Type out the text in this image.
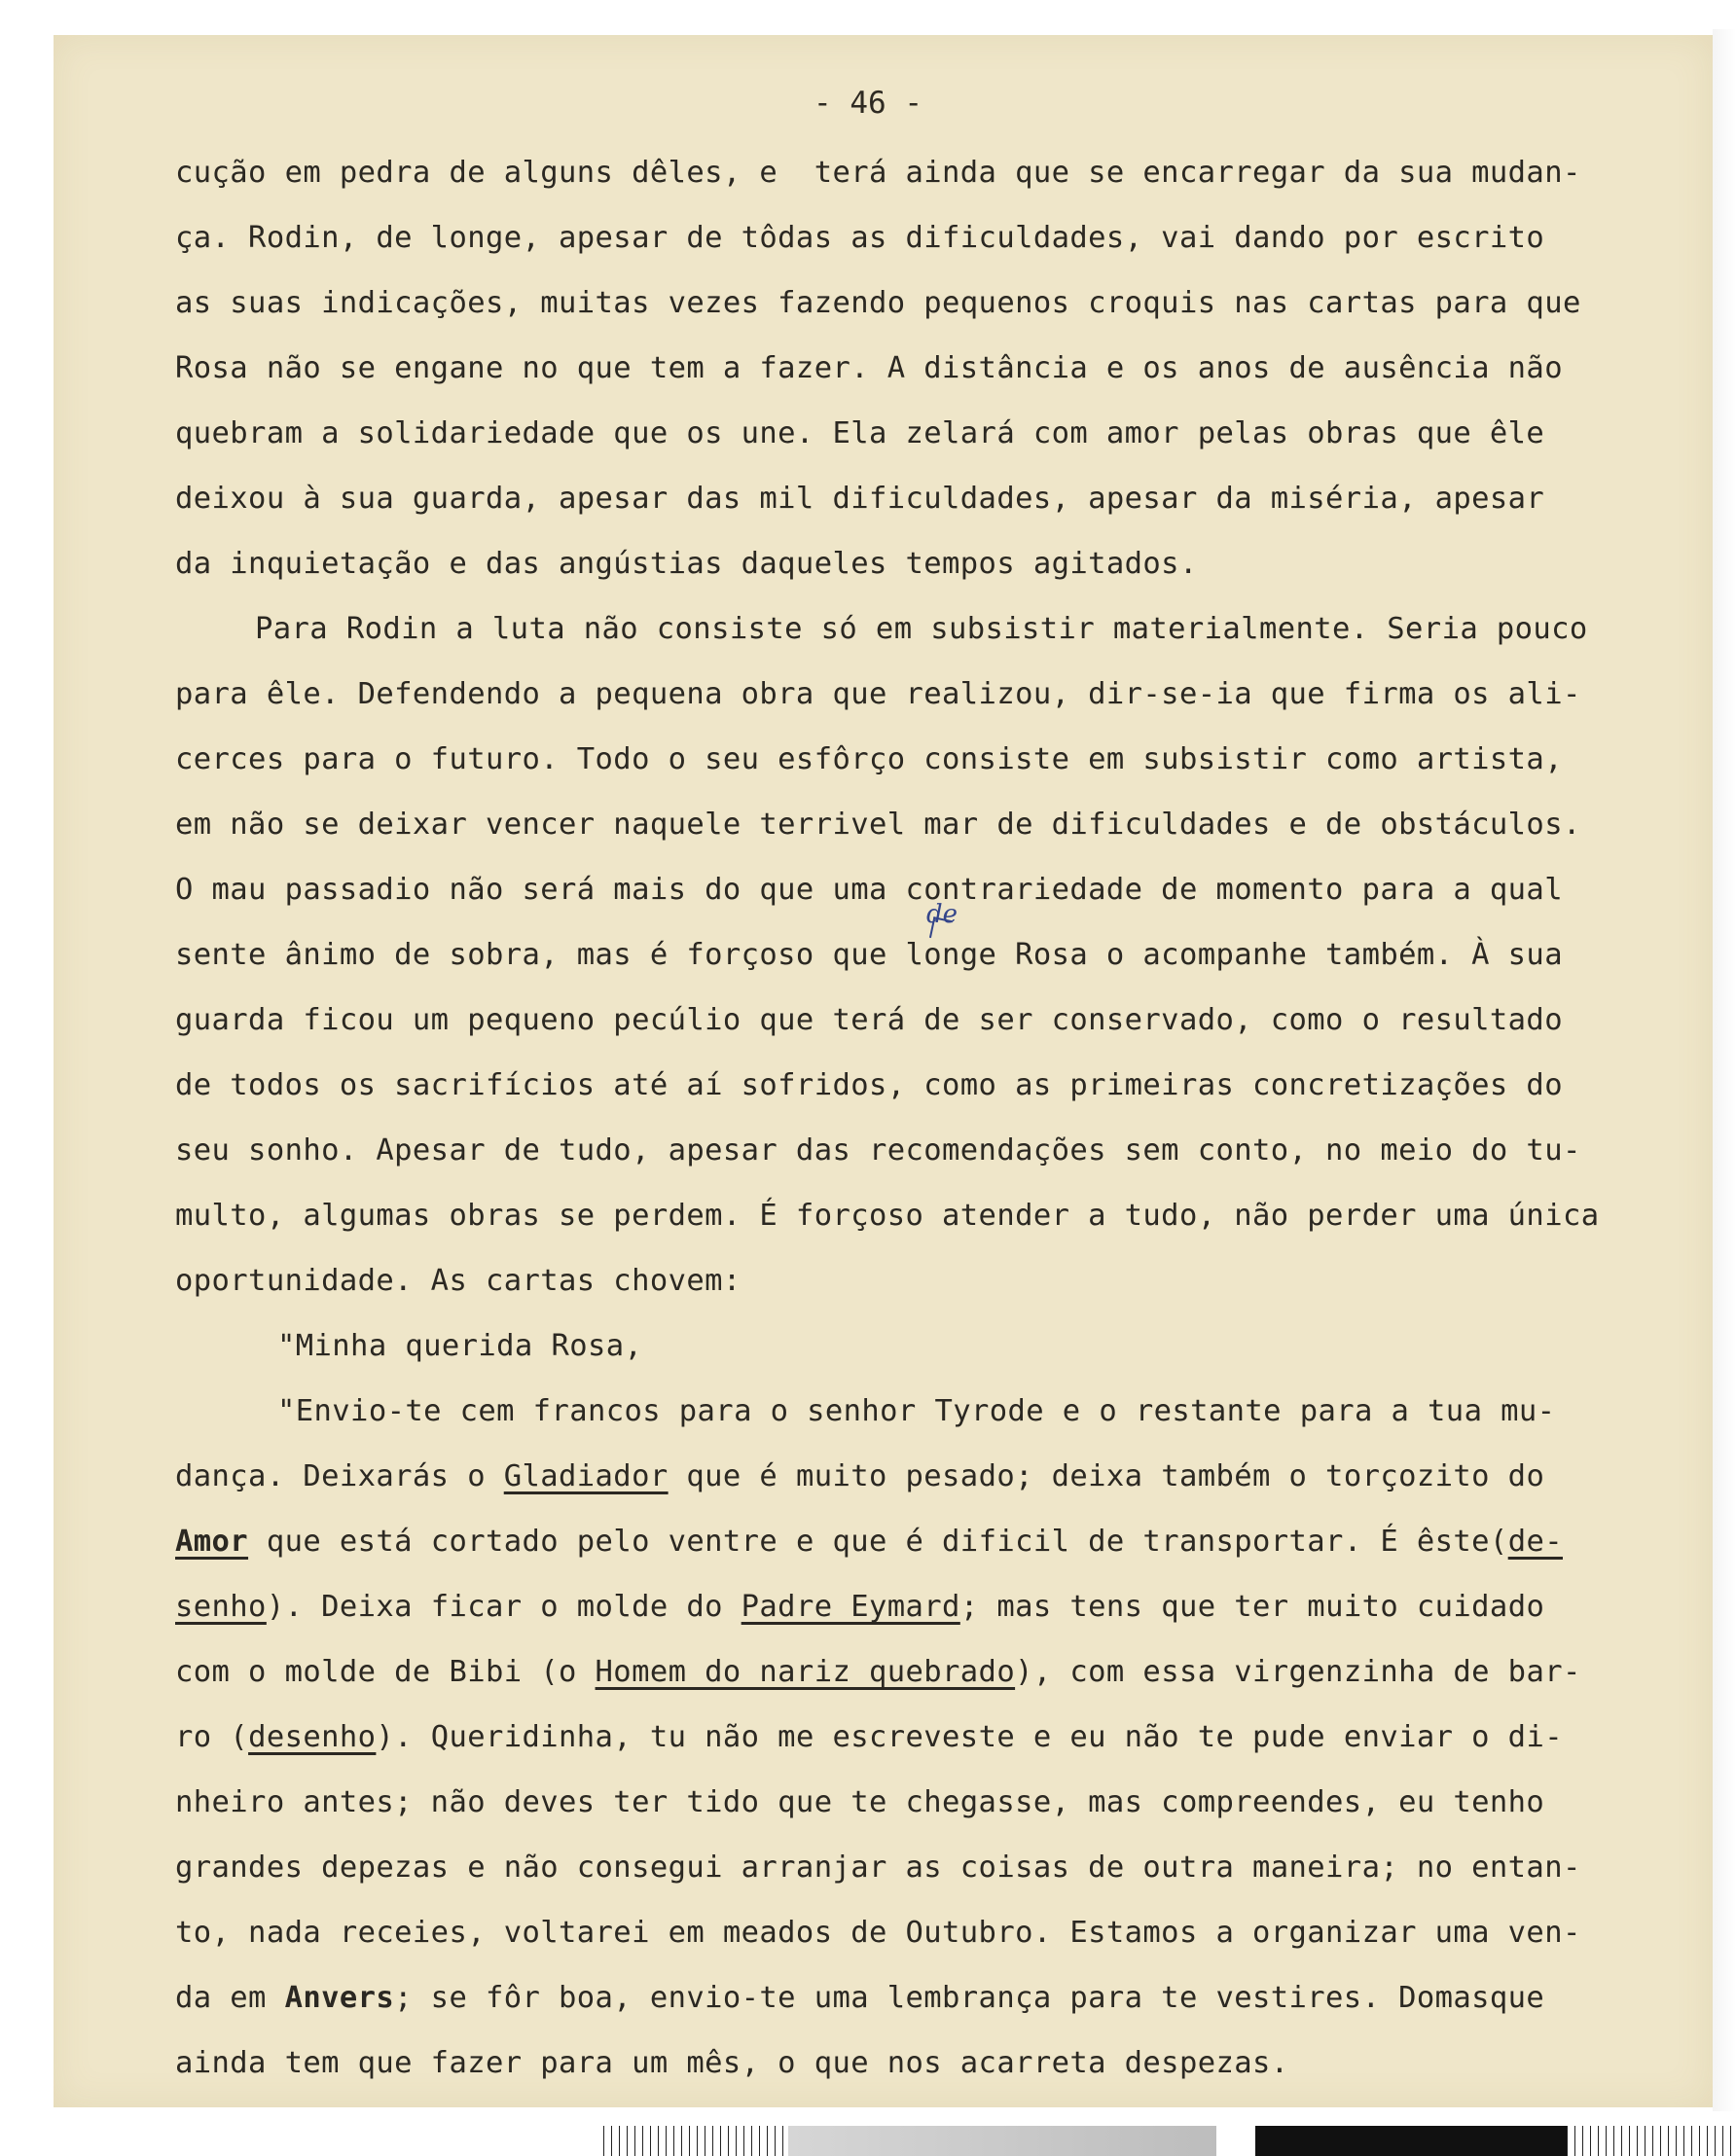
- 46 -

cução em pedra de alguns dêles, e  terá ainda que se encarregar da sua mudan-

ça. Rodin, de longe, apesar de tôdas as dificuldades, vai dando por escrito

as suas indicações, muitas vezes fazendo pequenos croquis nas cartas para que

Rosa não se engane no que tem a fazer. A distância e os anos de ausência não

quebram a solidariedade que os une. Ela zelará com amor pelas obras que êle

deixou à sua guarda, apesar das mil dificuldades, apesar da miséria, apesar

da inquietação e das angústias daqueles tempos agitados.

Para Rodin a luta não consiste só em subsistir materialmente. Seria pouco

para êle. Defendendo a pequena obra que realizou, dir-se-ia que firma os ali-

cerces para o futuro. Todo o seu esfôrço consiste em subsistir como artista,

em não se deixar vencer naquele terrivel mar de dificuldades e de obstáculos.

O mau passadio não será mais do que uma contrariedade de momento para a qual

sente ânimo de sobra, mas é forçoso que longe Rosa o acompanhe também. À sua

guarda ficou um pequeno pecúlio que terá de ser conservado, como o resultado

de todos os sacrifícios até aí sofridos, como as primeiras concretizações do

seu sonho. Apesar de tudo, apesar das recomendações sem conto, no meio do tu-

multo, algumas obras se perdem. É forçoso atender a tudo, não perder uma única

oportunidade. As cartas chovem:

"Minha querida Rosa,

"Envio-te cem francos para o senhor Tyrode e o restante para a tua mu-

dança. Deixarás o Gladiador que é muito pesado; deixa também o torçozito do

Amor que está cortado pelo ventre e que é dificil de transportar. É êste(de-

senho). Deixa ficar o molde do Padre Eymard; mas tens que ter muito cuidado

com o molde de Bibi (o Homem do nariz quebrado), com essa virgenzinha de bar-

ro (desenho). Queridinha, tu não me escreveste e eu não te pude enviar o di-

nheiro antes; não deves ter tido que te chegasse, mas compreendes, eu tenho

grandes depezas e não consegui arranjar as coisas de outra maneira; no entan-

to, nada receies, voltarei em meados de Outubro. Estamos a organizar uma ven-

da em Anvers; se fôr boa, envio-te uma lembrança para te vestires. Domasque

ainda tem que fazer para um mês, o que nos acarreta despezas.

de
